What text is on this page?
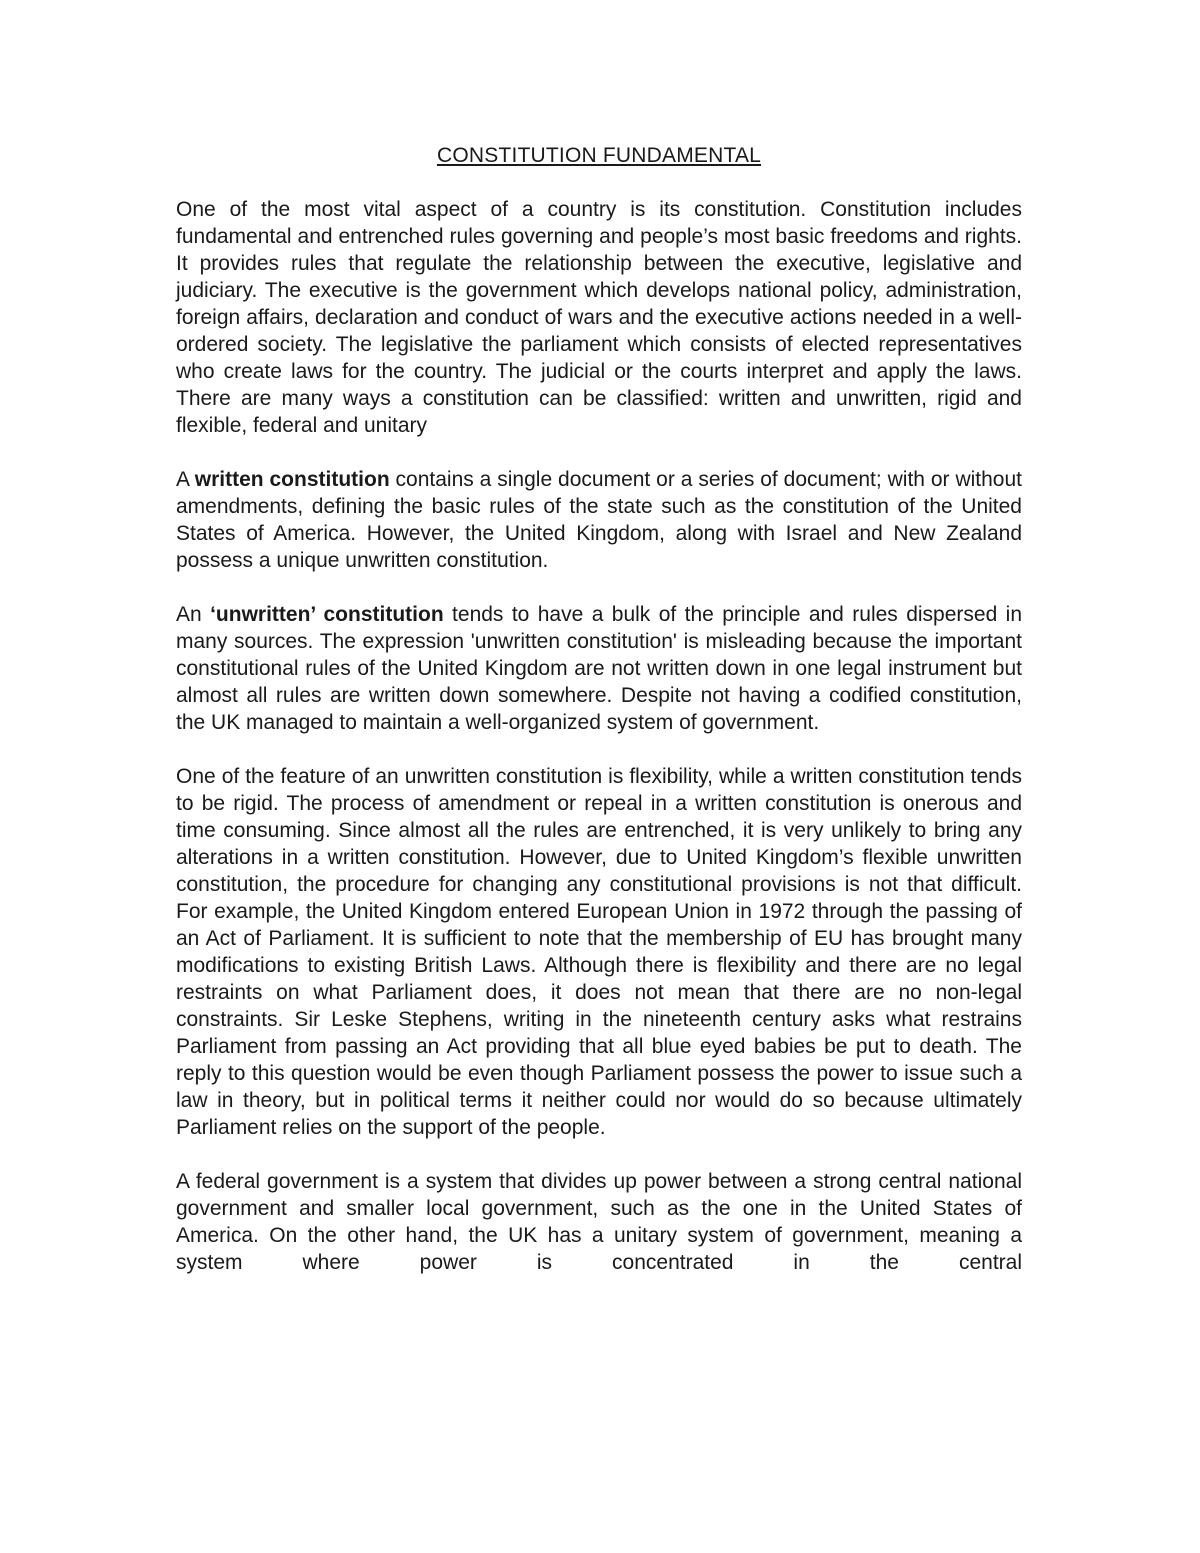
CONSTITUTION FUNDAMENTAL

One of the most vital aspect of a country is its constitution. Constitution includes fundamental and entrenched rules governing and people’s most basic freedoms and rights. It provides rules that regulate the relationship between the executive, legislative and judiciary. The executive is the government which develops national policy, administration, foreign affairs, declaration and conduct of wars and the executive actions needed in a well-ordered society. The legislative the parliament which consists of elected representatives who create laws for the country. The judicial or the courts interpret and apply the laws. There are many ways a constitution can be classified: written and unwritten, rigid and flexible, federal and unitary

A written constitution contains a single document or a series of document; with or without amendments, defining the basic rules of the state such as the constitution of the United States of America. However, the United Kingdom, along with Israel and New Zealand possess a unique unwritten constitution.

An ‘unwritten’ constitution tends to have a bulk of the principle and rules dispersed in many sources. The expression 'unwritten constitution' is misleading because the important constitutional rules of the United Kingdom are not written down in one legal instrument but almost all rules are written down somewhere. Despite not having a codified constitution, the UK managed to maintain a well-organized system of government.

One of the feature of an unwritten constitution is flexibility, while a written constitution tends to be rigid. The process of amendment or repeal in a written constitution is onerous and time consuming. Since almost all the rules are entrenched, it is very unlikely to bring any alterations in a written constitution. However, due to United Kingdom’s flexible unwritten constitution, the procedure for changing any constitutional provisions is not that difficult. For example, the United Kingdom entered European Union in 1972 through the passing of an Act of Parliament. It is sufficient to note that the membership of EU has brought many modifications to existing British Laws. Although there is flexibility and there are no legal restraints on what Parliament does, it does not mean that there are no non-legal constraints. Sir Leske Stephens, writing in the nineteenth century asks what restrains Parliament from passing an Act providing that all blue eyed babies be put to death. The reply to this question would be even though Parliament possess the power to issue such a law in theory, but in political terms it neither could nor would do so because ultimately Parliament relies on the support of the people.

A federal government is a system that divides up power between a strong central national government and smaller local government, such as the one in the United States of America. On the other hand, the UK has a unitary system of government, meaning a system where power is concentrated in the central
